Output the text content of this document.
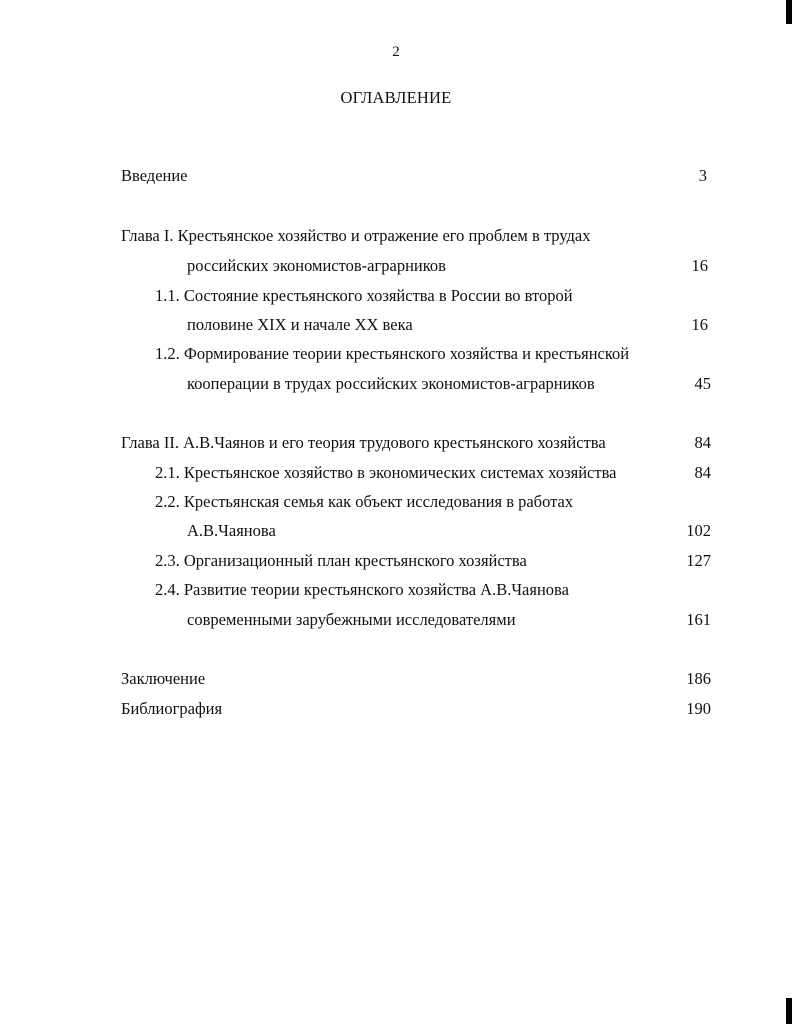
2
ОГЛАВЛЕНИЕ
Введение	3
Глава I. Крестьянское хозяйство и отражение его проблем в трудах
российских экономистов-аграрников	16
1.1. Состояние крестьянского хозяйства в России во второй
половине XIX и начале XX века	16
1.2. Формирование теории крестьянского хозяйства и крестьянской
кооперации в трудах российских экономистов-аграрников	45
Глава II. А.В.Чаянов и его теория трудового крестьянского хозяйства	84
2.1. Крестьянское хозяйство в экономических системах хозяйства	84
2.2. Крестьянская семья как объект исследования в работах
А.В.Чаянова	102
2.3. Организационный план крестьянского хозяйства	127
2.4. Развитие теории крестьянского хозяйства А.В.Чаянова
современными зарубежными исследователями	161
Заключение	186
Библиография	190
